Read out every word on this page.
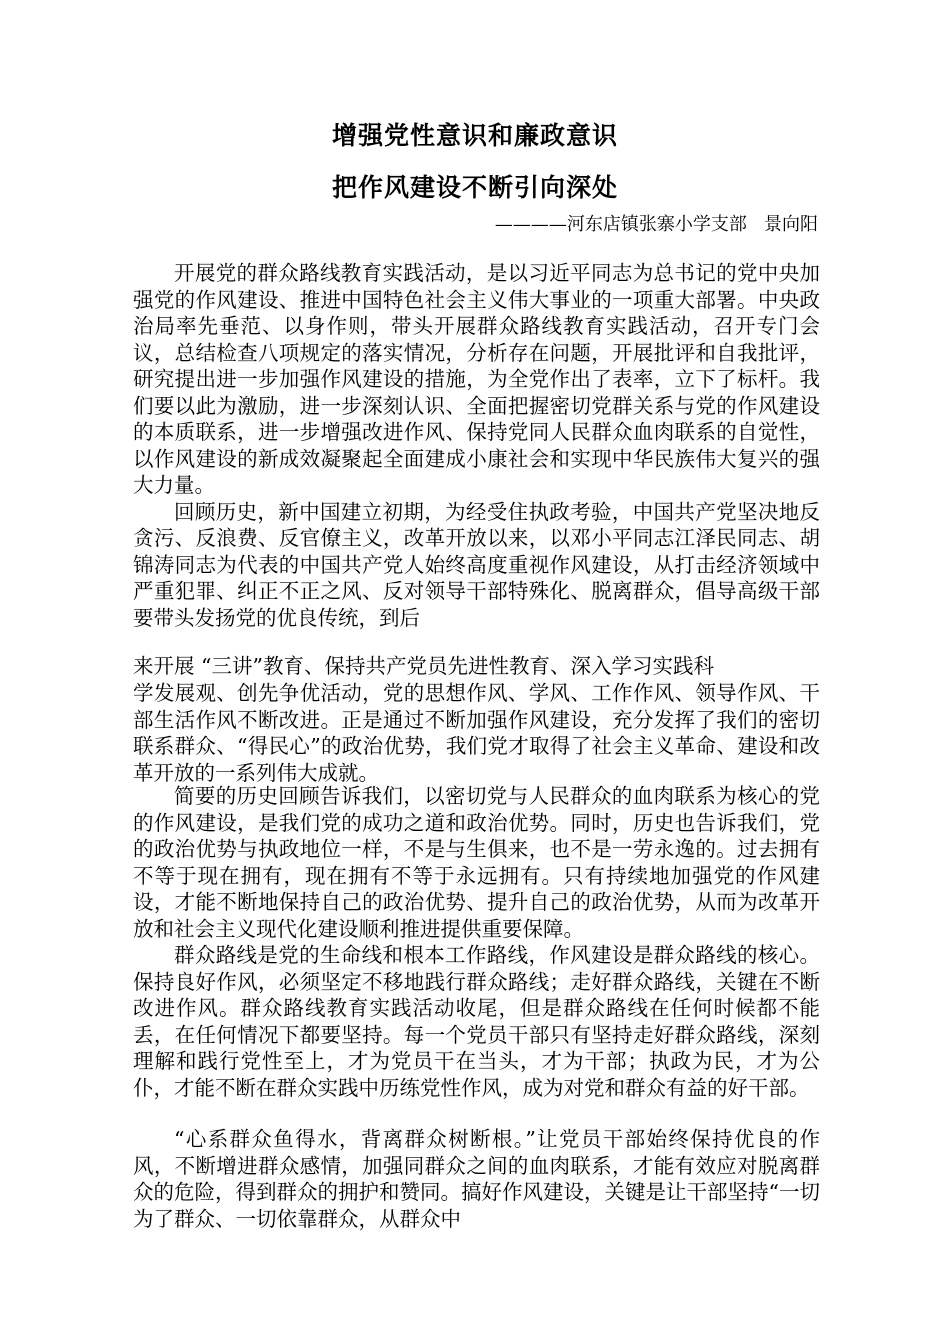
增强党性意识和廉政意识
把作风建设不断引向深处
————河东店镇张寨小学支部   景向阳

开展党的群众路线教育实践活动，是以习近平同志为总书记的党中央加强党的作风建设、推进中国特色社会主义伟大事业的一项重大部署。中央政治局率先垂范、以身作则，带头开展群众路线教育实践活动，召开专门会议，总结检查八项规定的落实情况，分析存在问题，开展批评和自我批评，研究提出进一步加强作风建设的措施，为全党作出了表率，立下了标杆。我们要以此为激励，进一步深刻认识、全面把握密切党群关系与党的作风建设的本质联系，进一步增强改进作风、保持党同人民群众血肉联系的自觉性，以作风建设的新成效凝聚起全面建成小康社会和实现中华民族伟大复兴的强大力量。

回顾历史，新中国建立初期，为经受住执政考验，中国共产党坚决地反贪污、反浪费、反官僚主义，改革开放以来，以邓小平同志江泽民同志、胡锦涛同志为代表的中国共产党人始终高度重视作风建设，从打击经济领域中严重犯罪、纠正不正之风、反对领导干部特殊化、脱离群众，倡导高级干部要带头发扬党的优良传统，到后

来开展 “三讲”教育、保持共产党员先进性教育、深入学习实践科

学发展观、创先争优活动，党的思想作风、学风、工作作风、领导作风、干部生活作风不断改进。正是通过不断加强作风建设，充分发挥了我们的密切联系群众、“得民心”的政治优势，我们党才取得了社会主义革命、建设和改革开放的一系列伟大成就。

简要的历史回顾告诉我们，以密切党与人民群众的血肉联系为核心的党的作风建设，是我们党的成功之道和政治优势。同时，历史也告诉我们，党的政治优势与执政地位一样，不是与生俱来，也不是一劳永逸的。过去拥有不等于现在拥有，现在拥有不等于永远拥有。只有持续地加强党的作风建设，才能不断地保持自己的政治优势、提升自己的政治优势，从而为改革开放和社会主义现代化建设顺利推进提供重要保障。

群众路线是党的生命线和根本工作路线，作风建设是群众路线的核心。保持良好作风，必须坚定不移地践行群众路线；走好群众路线，关键在不断改进作风。群众路线教育实践活动收尾，但是群众路线在任何时候都不能丢，在任何情况下都要坚持。每一个党员干部只有坚持走好群众路线，深刻理解和践行党性至上，才为党员干在当头，才为干部；执政为民，才为公仆，才能不断在群众实践中历练党性作风，成为对党和群众有益的好干部。

“心系群众鱼得水，背离群众树断根。”让党员干部始终保持优良的作风，不断增进群众感情，加强同群众之间的血肉联系，才能有效应对脱离群众的危险，得到群众的拥护和赞同。搞好作风建设，关键是让干部坚持“一切为了群众、一切依靠群众，从群众中
